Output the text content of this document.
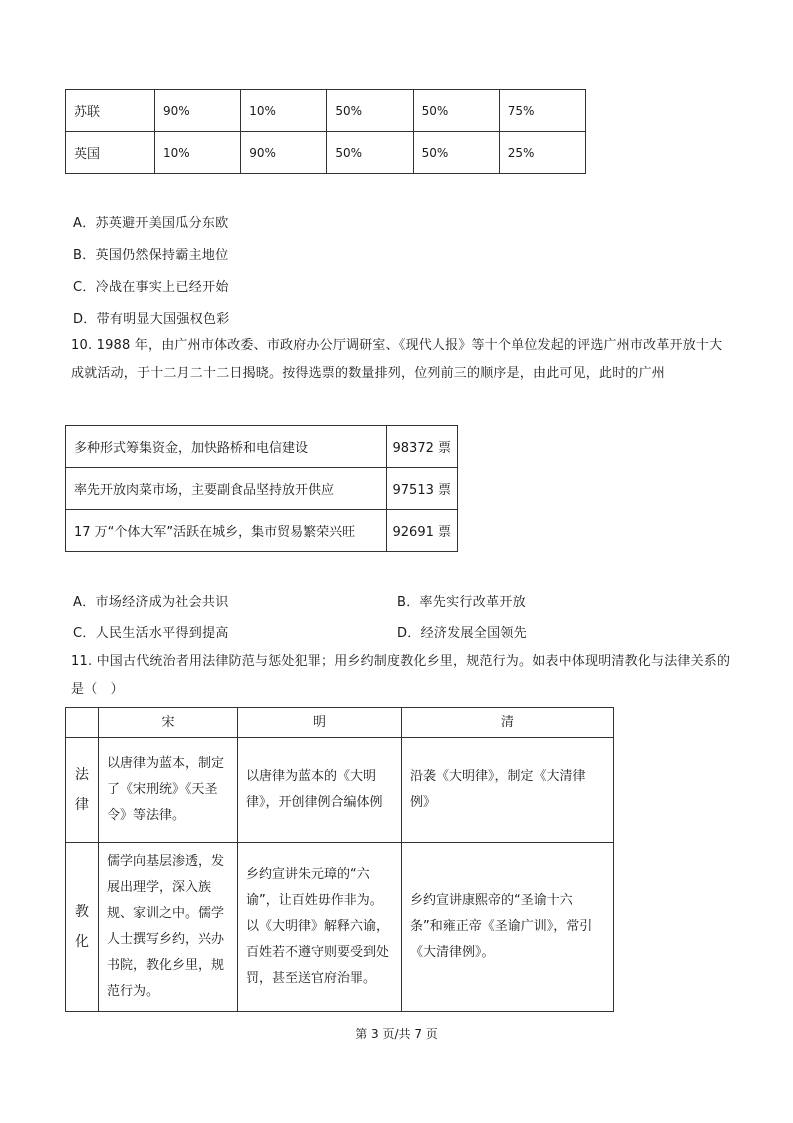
苏联	90%	10%	50%	50%	75%
英国	10%	90%	50%	50%	25%
A．苏英避开美国瓜分东欧
B．英国仍然保持霸主地位
C．冷战在事实上已经开始
D．带有明显大国强权色彩
10. 1988 年，由广州市体改委、市政府办公厅调研室、《现代人报》等十个单位发起的评选广州市改革开放十大成就活动，于十二月二十二日揭晓。按得选票的数量排列，位列前三的顺序是，由此可见，此时的广州
多种形式筹集资金，加快路桥和电信建设	98372 票
率先开放肉菜市场，主要副食品坚持放开供应	97513 票
17 万“个体大军”活跃在城乡，集市贸易繁荣兴旺	92691 票
A．市场经济成为社会共识	B．率先实行改革开放
C．人民生活水平得到提高	D．经济发展全国领先
11. 中国古代统治者用法律防范与惩处犯罪；用乡约制度教化乡里，规范行为。如表中体现明清教化与法律关系的是（　）
	宋	明	清
法律	以唐律为蓝本，制定了《宋刑统》《天圣令》等法律。	以唐律为蓝本的《大明律》，开创律例合编体例	沿袭《大明律》，制定《大清律例》
教化	儒学向基层渗透，发展出理学，深入族规、家训之中。儒学人士撰写乡约，兴办书院，教化乡里，规范行为。	乡约宣讲朱元璋的“六谕”，让百姓毋作非为。以《大明律》解释六谕，百姓若不遵守则要受到处罚，甚至送官府治罪。	乡约宣讲康熙帝的“圣谕十六条”和雍正帝《圣谕广训》，常引《大清律例》。
第 3 页/共 7 页
